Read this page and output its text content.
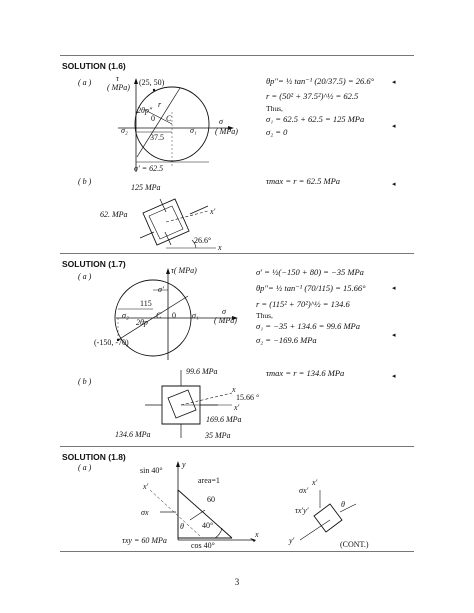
SOLUTION (1.6)
( a )	τ
( MPa)
(25, 50)
r
2θp″
C
0
37.5
σ₂	σ₁
σ
( MPa)
σ′ = 62.5
θp″= ½ tan⁻¹ (20/37.5) = 26.6°
r = (50² + 37.5²)^½ = 62.5
Thus,
σ₁ = 62.5 + 62.5 = 125 MPa
σ₂ = 0
◂
◂
( b )	τmax = r = 62.5 MPa	◂
125 MPa
62. MPa	x′
26.6°
x
SOLUTION (1.7)
( a )
τ( MPa)
σ′
115
σ₂
2θp
C 0 σ₁	σ
( MPa)
(-150, -70)
σ′ = ½(−150 + 80) = −35 MPa
θp″= ½ tan⁻¹ (70/115) = 15.66°
r = (115² + 70²)^½ = 134.6
Thus,
σ₁ = −35 + 134.6 = 99.6 MPa
σ₂ = −169.6 MPa
◂
◂
( b )
τmax = r = 134.6 MPa	◂
99.6 MPa
x
15.66 °
x′
169.6 MPa
134.6 MPa	35 MPa
SOLUTION (1.8)
( a )	y
sin 40°
x′
area=1
60
σx
θ 40°
x
τxy = 60 MPa
cos 40°
σx′
x′
τx′y′
θ
y′	(CONT.)
3
